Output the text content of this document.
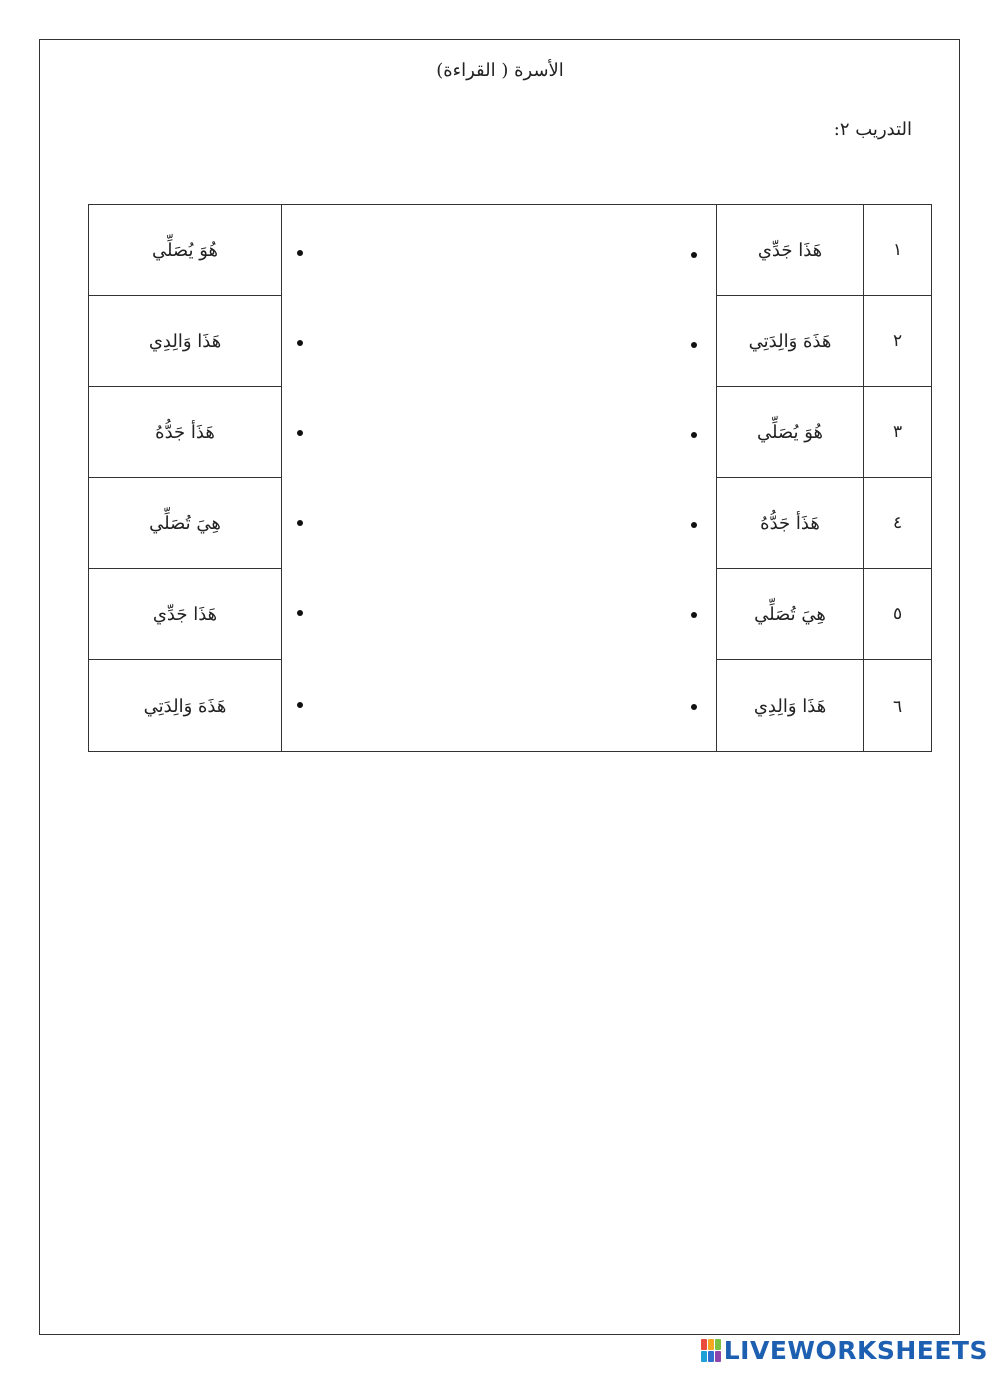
الأسرة ( القراءة)
التدريب ٢:
١
٢
٣
٤
٥
٦
هَذَا جَدِّي
هَذَهَ وَالِدَتِي
هُوَ يُصَلِّي
هَذَأ جَدُّهُ
هِيَ تُصَلِّي
هَذَا وَالِدِي
هُوَ يُصَلِّي
هَذَا وَالِدِي
هَذَأ جَدُّهُ
هِيَ تُصَلِّي
هَذَا جَدِّي
هَذَهَ وَالِدَتِي
LIVEWORKSHEETS
